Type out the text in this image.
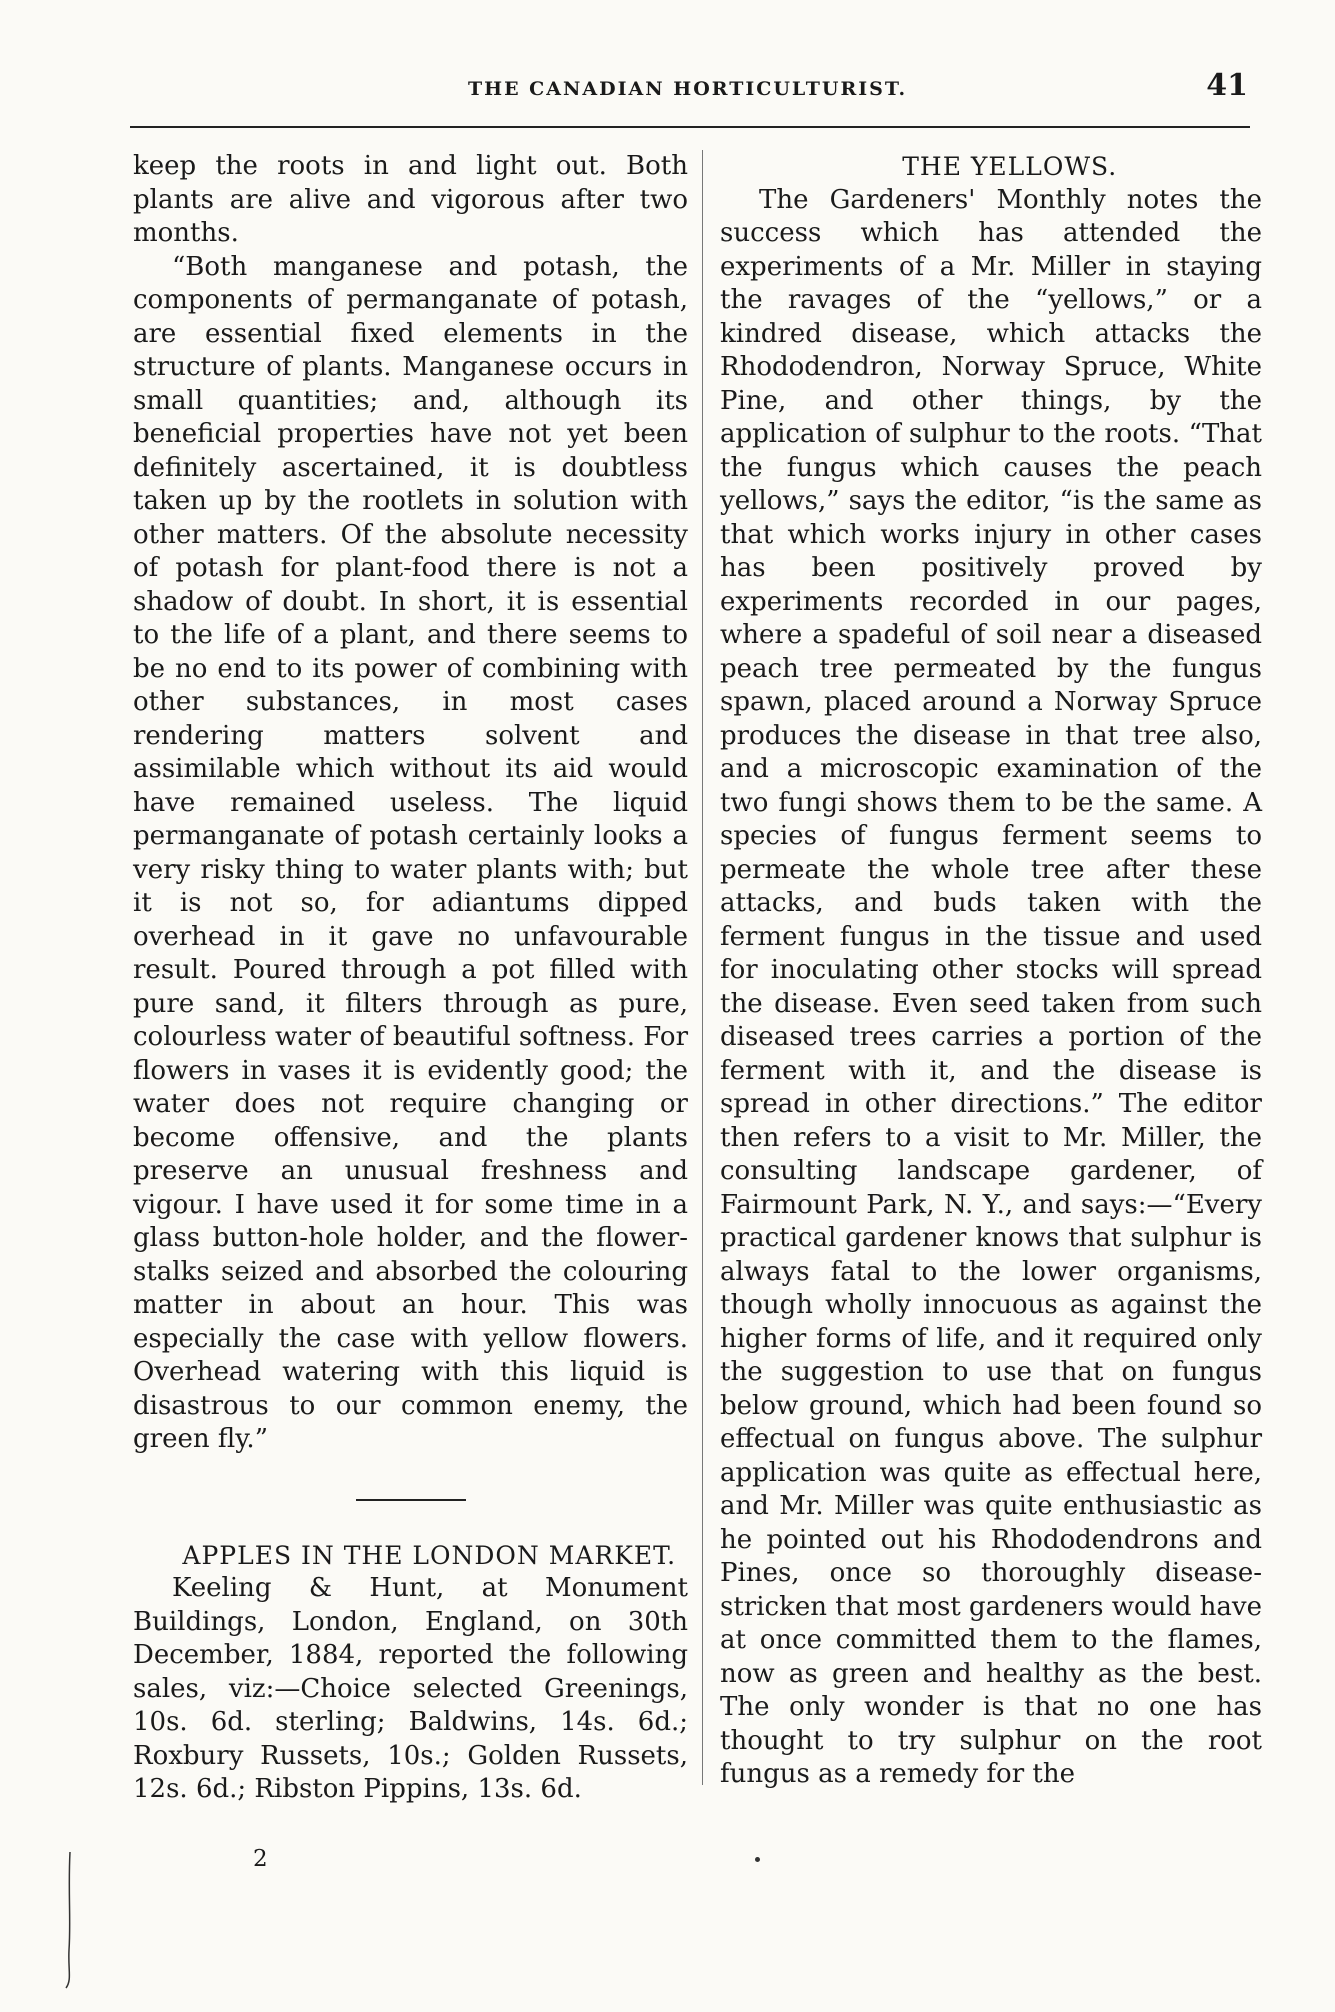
THE CANADIAN HORTICULTURIST.	41

keep the roots in and light out. Both plants are alive and vigorous after two months.

“Both manganese and potash, the components of permanganate of potash, are essential fixed elements in the structure of plants. Manganese occurs in small quantities; and, although its beneficial properties have not yet been definitely ascertained, it is doubtless taken up by the rootlets in solution with other matters. Of the absolute necessity of potash for plant-food there is not a shadow of doubt. In short, it is essential to the life of a plant, and there seems to be no end to its power of combining with other substances, in most cases rendering matters solvent and assimilable which without its aid would have remained useless. The liquid permanganate of potash certainly looks a very risky thing to water plants with; but it is not so, for adiantums dipped overhead in it gave no unfavourable result. Poured through a pot filled with pure sand, it filters through as pure, colourless water of beautiful softness. For flowers in vases it is evidently good; the water does not require changing or become offensive, and the plants preserve an unusual freshness and vigour. I have used it for some time in a glass button-hole holder, and the flower-stalks seized and absorbed the colouring matter in about an hour. This was especially the case with yellow flowers. Overhead watering with this liquid is disastrous to our common enemy, the green fly.”

APPLES IN THE LONDON MARKET.

Keeling & Hunt, at Monument Buildings, London, England, on 30th December, 1884, reported the following sales, viz:—Choice selected Greenings, 10s. 6d. sterling; Baldwins, 14s. 6d.; Roxbury Russets, 10s.; Golden Russets, 12s. 6d.; Ribston Pippins, 13s. 6d.

THE YELLOWS.

The Gardeners' Monthly notes the success which has attended the experiments of a Mr. Miller in staying the ravages of the “yellows,” or a kindred disease, which attacks the Rhododendron, Norway Spruce, White Pine, and other things, by the application of sulphur to the roots. “That the fungus which causes the peach yellows,” says the editor, “is the same as that which works injury in other cases has been positively proved by experiments recorded in our pages, where a spadeful of soil near a diseased peach tree permeated by the fungus spawn, placed around a Norway Spruce produces the disease in that tree also, and a microscopic examination of the two fungi shows them to be the same. A species of fungus ferment seems to permeate the whole tree after these attacks, and buds taken with the ferment fungus in the tissue and used for inoculating other stocks will spread the disease. Even seed taken from such diseased trees carries a portion of the ferment with it, and the disease is spread in other directions.” The editor then refers to a visit to Mr. Miller, the consulting landscape gardener, of Fairmount Park, N. Y., and says:—“Every practical gardener knows that sulphur is always fatal to the lower organisms, though wholly innocuous as against the higher forms of life, and it required only the suggestion to use that on fungus below ground, which had been found so effectual on fungus above. The sulphur application was quite as effectual here, and Mr. Miller was quite enthusiastic as he pointed out his Rhododendrons and Pines, once so thoroughly disease-stricken that most gardeners would have at once committed them to the flames, now as green and healthy as the best. The only wonder is that no one has thought to try sulphur on the root fungus as a remedy for the

2
